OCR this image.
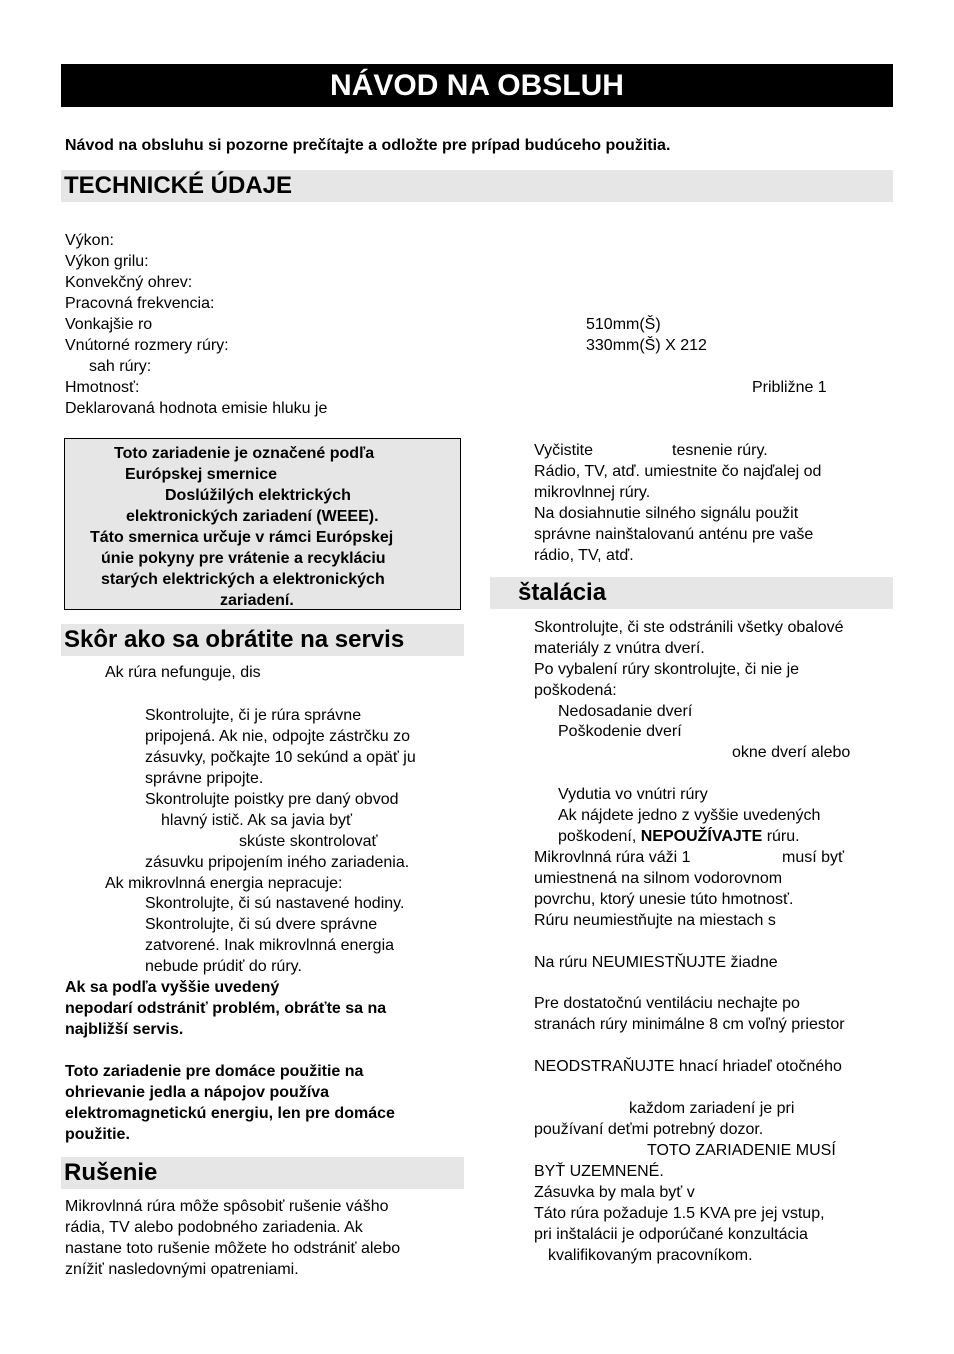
NÁVOD NA OBSLUH
Návod na obsluhu si pozorne prečítajte a odložte pre prípad budúceho použitia.
TECHNICKÉ ÚDAJE
Výkon:
Výkon grilu:
Konvekčný ohrev:
Pracovná frekvencia:
Vonkajšie ro
Vnútorné rozmery rúry:
sah rúry:
Hmotnosť:
Deklarovaná hodnota emisie hluku je
510mm(Š)
330mm(Š) X 212
Približne 1
Toto zariadenie je označené podľa
Európskej smernice
Doslúžilých elektrických
elektronických zariadení (WEEE).
Táto smernica určuje v rámci Európskej
únie pokyny pre vrátenie a recykláciu
starých elektrických a elektronických
zariadení.
Skôr ako sa obrátite na servis
Ak rúra nefunguje, dis
Skontrolujte, či je rúra správne
pripojená. Ak nie, odpojte zástrčku zo
zásuvky, počkajte 10 sekúnd a opäť ju
správne pripojte.
Skontrolujte poistky pre daný obvod
hlavný istič. Ak sa javia byť
skúste skontrolovať
zásuvku pripojením iného zariadenia.
Ak mikrovlnná energia nepracuje:
Skontrolujte, či sú nastavené hodiny.
Skontrolujte, či sú dvere správne
zatvorené. Inak mikrovlnná energia
nebude prúdiť do rúry.
Ak sa podľa vyššie uvedený
nepodarí odstrániť problém, obráťte sa na
najbližší servis.
Toto zariadenie pre domáce použitie na
ohrievanie jedla a nápojov používa
elektromagnetickú energiu, len pre domáce
použitie.
Rušenie
Mikrovlnná rúra môže spôsobiť rušenie vášho
rádia, TV alebo podobného zariadenia. Ak
nastane toto rušenie môžete ho odstrániť alebo
znížiť nasledovnými opatreniami.
Vyčistite	tesnenie rúry.
Rádio, TV, atď. umiestnite čo najďalej od
mikrovlnnej rúry.
Na dosiahnutie silného signálu použit
správne nainštalovanú anténu pre vaše
rádio, TV, atď.
štalácia
Skontrolujte, či ste odstránili všetky obalové
materiály z vnútra dverí.
Po vybalení rúry skontrolujte, či nie je
poškodená:
Nedosadanie dverí
Poškodenie dverí
okne dverí alebo
Vydutia vo vnútri rúry
Ak nájdete jedno z vyššie uvedených
poškodení, NEPOUŽÍVAJTE rúru.
Mikrovlnná rúra váži 1	musí byť
umiestnená na silnom vodorovnom
povrchu, ktorý unesie túto hmotnosť.
Rúru neumiestňujte na miestach s
Na rúru NEUMIESTŇUJTE žiadne
Pre dostatočnú ventiláciu nechajte po
stranách rúry minimálne 8 cm voľný priestor
NEODSTRAŇUJTE hnací hriadeľ otočného
každom zariadení je pri
používaní deťmi potrebný dozor.
TOTO ZARIADENIE MUSÍ
BYŤ UZEMNENÉ.
Zásuvka by mala byť v
Táto rúra požaduje 1.5 KVA pre jej vstup,
pri inštalácii je odporúčané konzultácia
kvalifikovaným pracovníkom.
